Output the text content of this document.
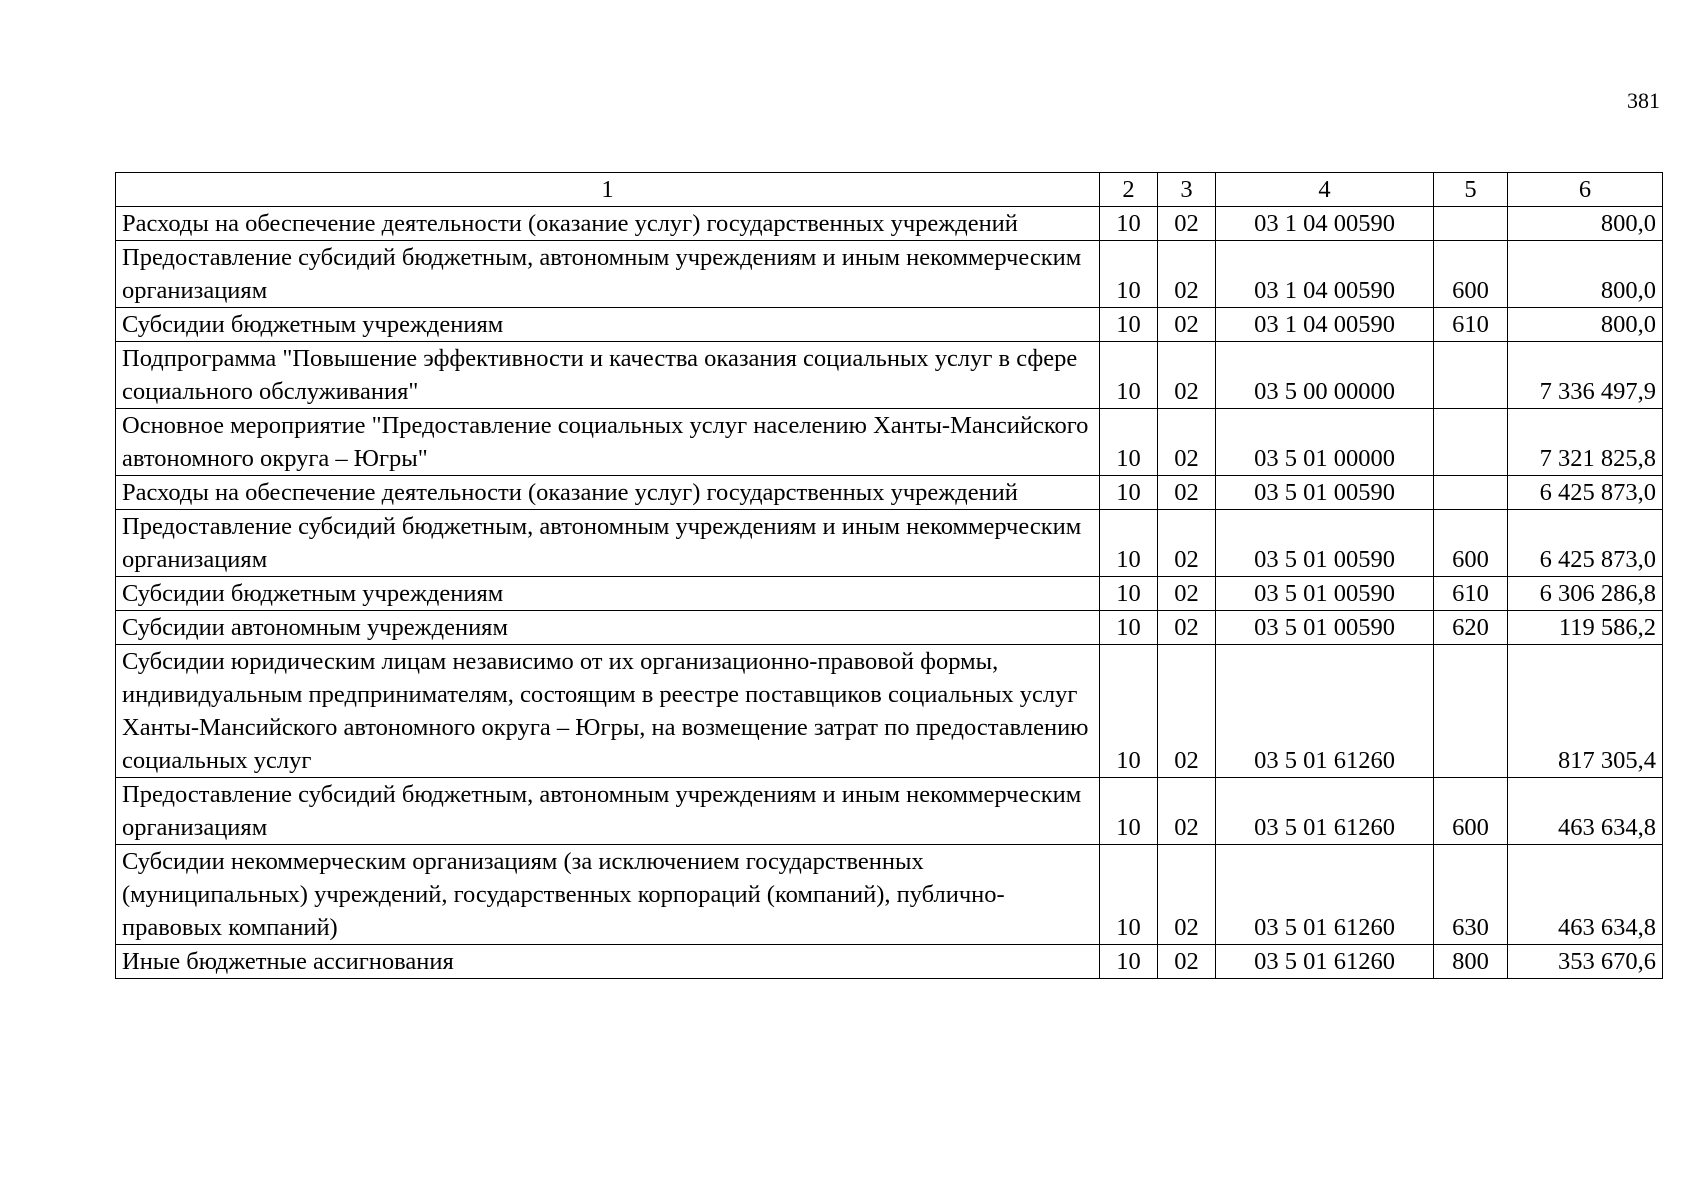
381
1	2	3	4	5	6
Расходы на обеспечение деятельности (оказание услуг) государственных учреждений	10	02	03 1 04 00590		800,0
Предоставление субсидий бюджетным, автономным учреждениям и иным некоммерческим организациям	10	02	03 1 04 00590	600	800,0
Субсидии бюджетным учреждениям	10	02	03 1 04 00590	610	800,0
Подпрограмма "Повышение эффективности и качества оказания социальных услуг в сфере социального обслуживания"	10	02	03 5 00 00000		7 336 497,9
Основное мероприятие "Предоставление социальных услуг населению Ханты-Мансийского автономного округа – Югры"	10	02	03 5 01 00000		7 321 825,8
Расходы на обеспечение деятельности (оказание услуг) государственных учреждений	10	02	03 5 01 00590		6 425 873,0
Предоставление субсидий бюджетным, автономным учреждениям и иным некоммерческим организациям	10	02	03 5 01 00590	600	6 425 873,0
Субсидии бюджетным учреждениям	10	02	03 5 01 00590	610	6 306 286,8
Субсидии автономным учреждениям	10	02	03 5 01 00590	620	119 586,2
Субсидии юридическим лицам независимо от их организационно-правовой формы, индивидуальным предпринимателям, состоящим в реестре поставщиков социальных услуг Ханты-Мансийского автономного округа – Югры, на возмещение затрат по предоставлению социальных услуг	10	02	03 5 01 61260		817 305,4
Предоставление субсидий бюджетным, автономным учреждениям и иным некоммерческим организациям	10	02	03 5 01 61260	600	463 634,8
Субсидии некоммерческим организациям (за исключением государственных (муниципальных) учреждений, государственных корпораций (компаний), публично-правовых компаний)	10	02	03 5 01 61260	630	463 634,8
Иные бюджетные ассигнования	10	02	03 5 01 61260	800	353 670,6
